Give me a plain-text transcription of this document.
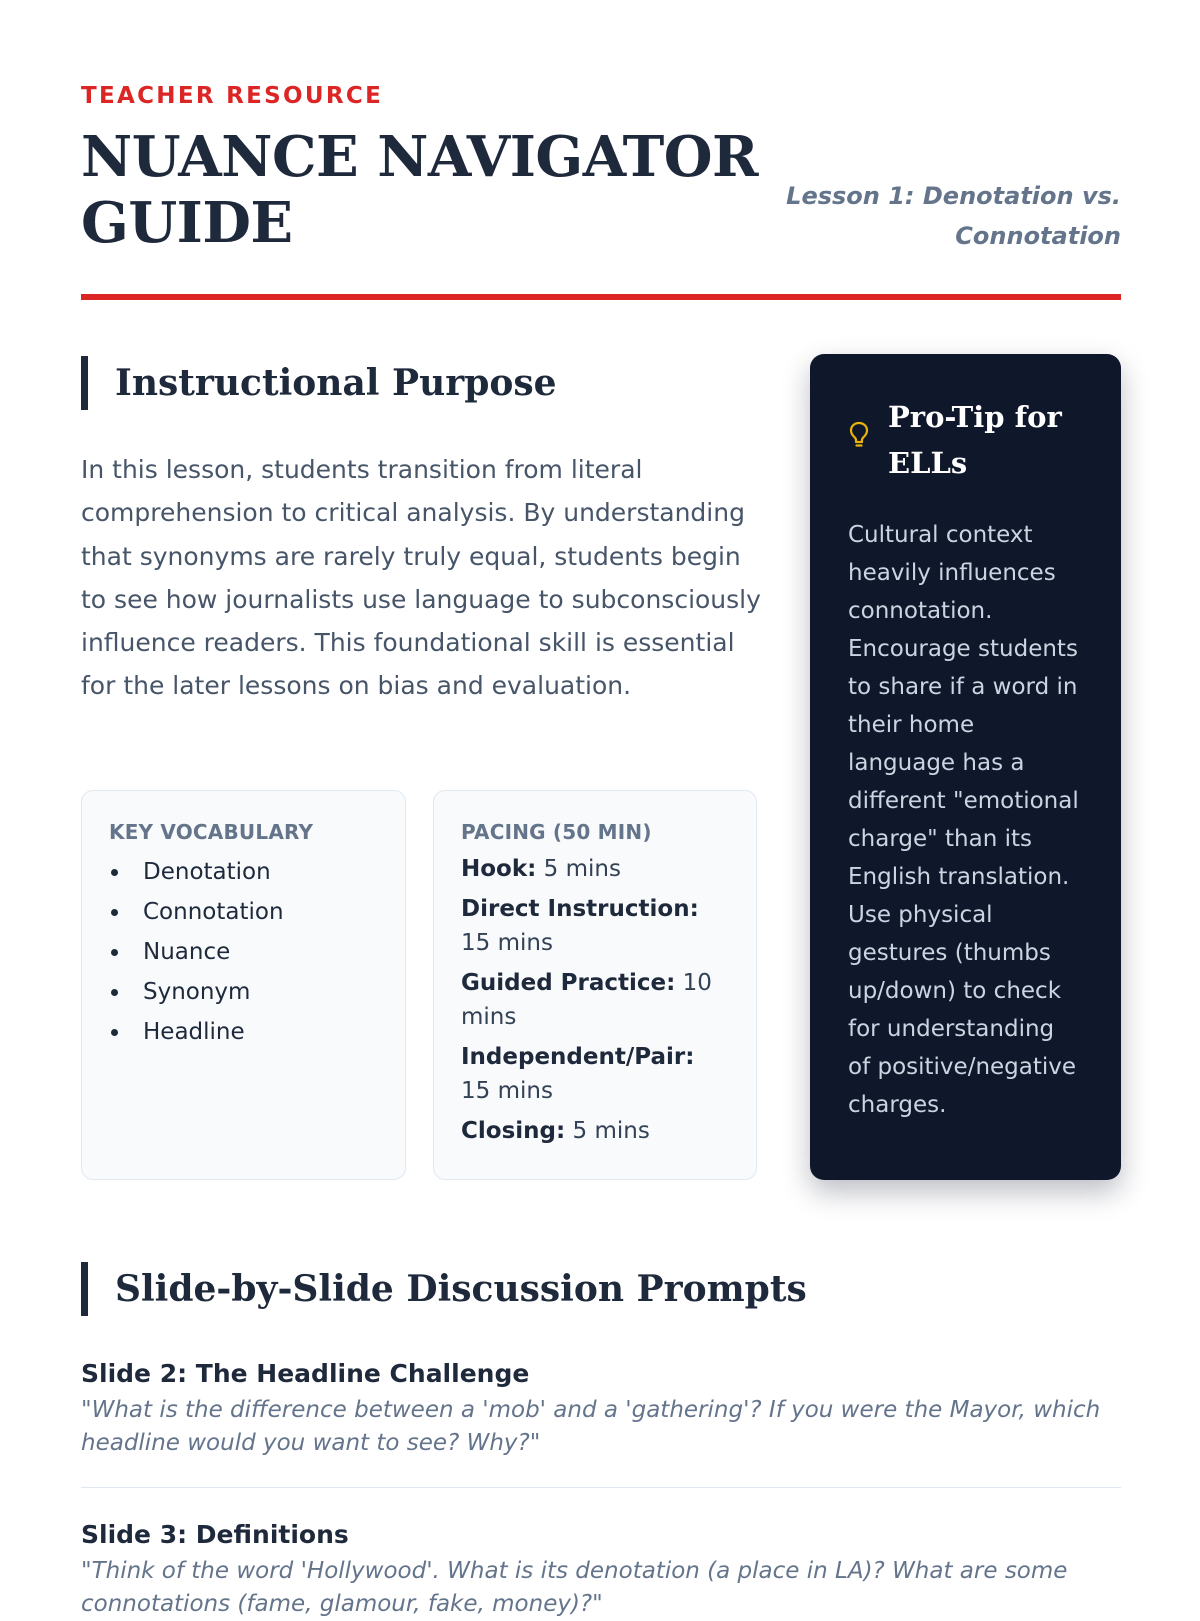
TEACHER RESOURCE
NUANCE NAVIGATOR GUIDE	Lesson 1: Denotation vs. Connotation
Instructional Purpose

In this lesson, students transition from literal comprehension to critical analysis. By understanding that synonyms are rarely truly equal, students begin to see how journalists use language to subconsciously influence readers. This foundational skill is essential for the later lessons on bias and evaluation.

KEY VOCABULARY
Denotation
Connotation
Nuance
Synonym
Headline
PACING (50 MIN)
Hook: 5 mins
Direct Instruction: 15 mins
Guided Practice: 10 mins
Independent/Pair: 15 mins
Closing: 5 mins
Pro-Tip for ELLs

Cultural context heavily influences connotation. Encourage students to share if a word in their home language has a different "emotional charge" than its English translation. Use physical gestures (thumbs up/down) to check for understanding of positive/negative charges.

Slide-by-Slide Discussion Prompts
Slide 2: The Headline Challenge
"What is the difference between a 'mob' and a 'gathering'? If you were the Mayor, which headline would you want to see? Why?"
Slide 3: Definitions
"Think of the word 'Hollywood'. What is its denotation (a place in LA)? What are some connotations (fame, glamour, fake, money)?"
